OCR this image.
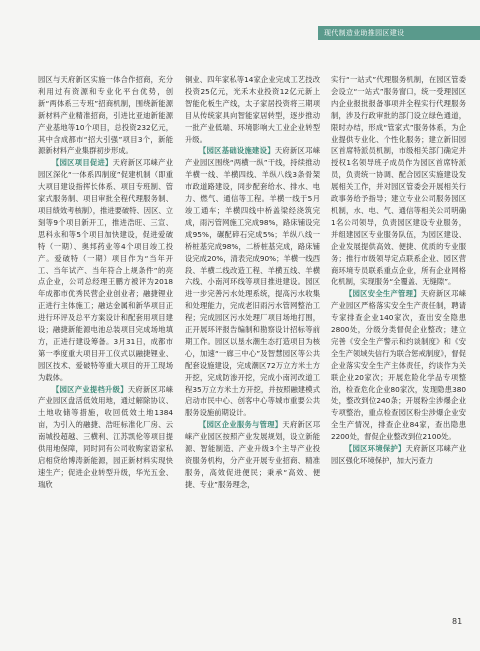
现代制造业助推园区建设

园区与天府新区实施一体合作招商，充分利用过有资源和专业化平台优势，创新“两体系三专班”招商机制，围绕新能源新材料产业精准招商，引进比亚迪新能源产业基地等10个项目，总投资232亿元，其中含成都市“招大引强”项目3个，新能源新材料产业集群初步形成。

【园区项目促进】天府新区邛崃产业园区深化“一体系四制度”促建机制（即重大项目建设指挥长体系、项目专班制、管家式服务制、项目审批全程代理服务制、项目绩效考核制），推进要破特、因区、立刻等9个项目新开工，推进浩旺、三宣、思科永和等5个项目加快建设，促进爱破特（一期）、奥邦药业等4个项目竣工投产。爱破特（一期）项目作为“当年开工、当年试产、当年符合上规条件”的亮点企业，公司总经理王鹏方被评为2018年成都市优秀民营企业创业者；融捷锂业正进行主体施工；融达金属和新华项目正进行环评及总平方案设计和配套用项目建设；融捷新能源电池总装项目完成场地填方，正进行建设筹备。3月31日，成都市第一季度重大项目开工仪式以融捷锂业、园区技术、爱破特等重大项目的开工现场为载体。

【园区产业提档升级】天府新区邛崃产业园区盘活低效用地，通过解除协议、土地收储等措施，收回低效土地1384亩，为引入的融捷、浩旺标准化厂房、云南城投超越、三横利、江苏凯伦等项目提供用地保障，同时同有公司收购家语家私启相贷给博涛新能源，园正新材料实现快速生产；促进企业转型升级，华光五金、瑞欣

铜业、四年家私等14家企业完成工艺技改投资25亿元，光禾木业投资12亿元新上智能化板生产线，太子家居投资将三期项目从传统家具向智能家居转型，逐步推动一批产业低端、环境影响大工业企业转型升级。

【园区基础设施建设】天府新区邛崃产业园区围绕“两横一纵”干线，持续推动羊横一线、羊横四线、羊纵八线3条骨架市政道路建设，同步配套给水、排水、电力、燃气、通信等工程。羊横一线于5月竣工通车；羊横四线中桥盖梁经浇筑完成，雨污管网施工完成98%，路床铺设完成95%，碾配碎石完成5%；羊纵八线一桥桩基完成98%，二桥桩基完成，路床铺设完成20%，清表完成90%；羊横一线西段、羊横二线改造工程、羊横五线、羊横六线、小南河环线等项目推进建设。园区进一步完善污水处理系统，提高污水收集和处理能力，完成老旧雨污水管网整治工程；完成园区污水处理厂项目场地打围，正开展环评报告编制和勘察设计招标等前期工作。园区以垦水潮生态打造项目为核心，加速“一廊三中心”及智慧园区等公共配套设施建设，完成潮区72万立方米土方开挖，完成防渗开挖，完成小南河改道工程35万立方米土方开挖，并按照融建模式启动市民中心、创客中心等城市重要公共服务设施前期设计。

【园区企业服务与管理】天府新区邛崃产业园区按照产业发展规划，设立新能源、智能制造、产业升级3个主导产业投资服务机构，分产业开展专业招商、精准服务，高效促进便民；秉承“高效、便捷、专业”服务理念，

实行“一站式”代理服务机制，在园区管委会设立“一站式”服务窗口，统一受理园区内企业报批报备事项并全程实行代理服务制，涉及行政审批的部门设立绿色通道，限时办结，形成“管家式”服务体系，为企业提供专业化、个性化服务；建立新旧园区首席特派员机制，市级相关部门确定并授权1名领导班子成员作为园区首席特派员，负责统一协调、配合园区实施建设发展相关工作，并对园区管委会开展相关行政事务给予指导；建立专业公司服务园区机制，水、电、气、通信等相关公司明确1名公司领导，负责园区建设专业服务，并组建园区专业服务队伍，为园区建设、企业发展提供高效、便捷、优质的专业服务；推行市级领导定点联系企业、园区营商环境专员联系重点企业，所有企业网格化机制，实现服务“全覆盖、无缝隙”。

【园区安全生产管理】天府新区邛崃产业园区严格落实安全生产责任制，聘请专家排查企业140家次，查出安全隐患2800处，分级分类督促企业整改；建立完善《安全生产警示和约谈制度》和《安全生产领域失信行为联合惩戒制度》，督促企业落实安全生产主体责任，约谈作为关联企业20家次；开展危险化学品专项整治，检查危化企业80家次，发现隐患380处，整改到位240条；开展粉尘涉爆企业专项整治，重点检查园区粉尘涉爆企业安全生产情况，排查企业84家，查出隐患2200处，督促企业整改到位2100处。

【园区环境保护】天府新区邛崃产业园区强化环境保护，加大污查力

81
